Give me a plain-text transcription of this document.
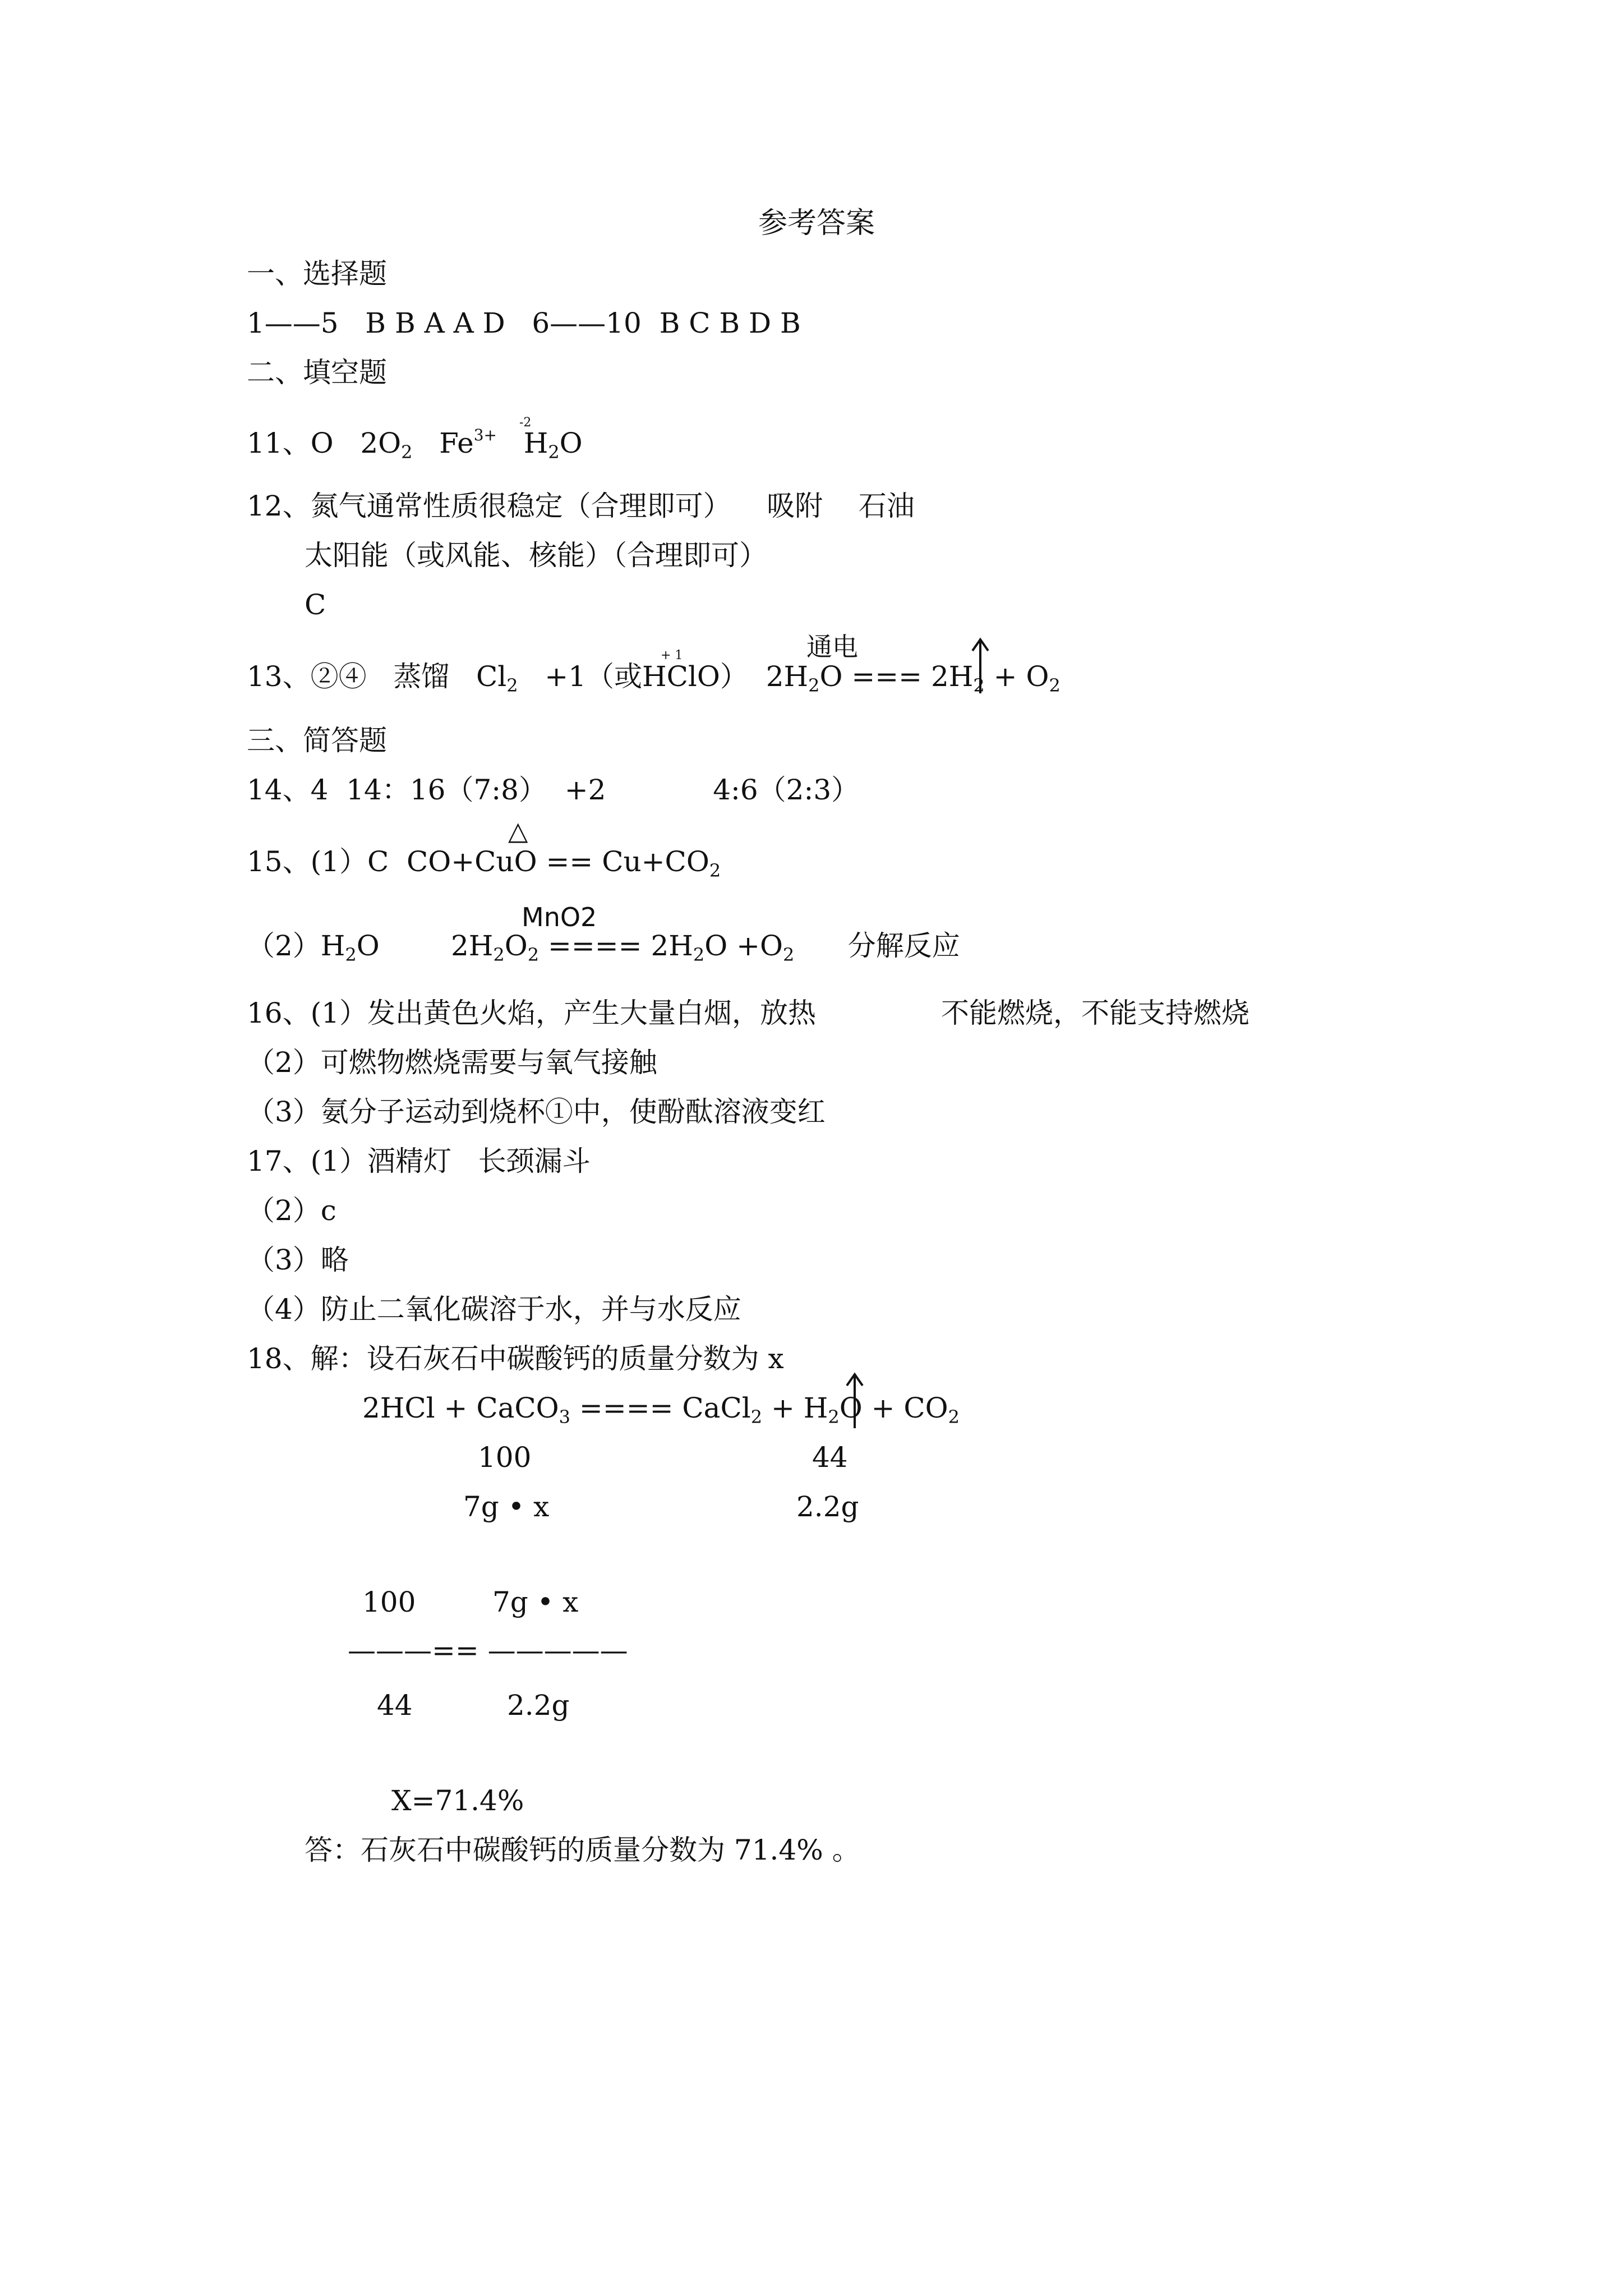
参考答案
一、选择题
1——5   B B A A D   6——10  B C B D B
二、填空题
11、O $2O_2$ $Fe^{3+}$ $H_2O$
-2
12、氮气通常性质很稳定（合理即可） 吸附 石油
太阳能（或风能、核能）（合理即可）
C
13、②④ 蒸馏 $Cl_2 +1$（或HClO） $2H_2O$ === $2H_2 + O_2$
+ 1	通电
三、简答题
14、4 14：16（7:8） +2	4:6（2:3）
15、(1）C $CO+CuO == Cu+CO_2$
△
$(2)H_2O$	$2H_2O_2$ ==== $2H_2O +O_2$ 分解反应
MnO2
16、(1）发出黄色火焰，产生大量白烟，放热	不能燃烧，不能支持燃烧
（2）可燃物燃烧需要与氧气接触
（3）氨分子运动到烧杯①中，使酚酞溶液变红
17、(1）酒精灯 长颈漏斗
（2）c
（3）略
（4）防止二氧化碳溶于水，并与水反应
18、解：设石灰石中碳酸钙的质量分数为 x
2HCl + CaCO$_3$ ==== CaCl$_2$ + $H_2O + CO_2$
100	44
7g • x	2.2g
100	7g • x
———== —————
44	2.2g
X=71.4%
答：石灰石中碳酸钙的质量分数为 71.4% 。
